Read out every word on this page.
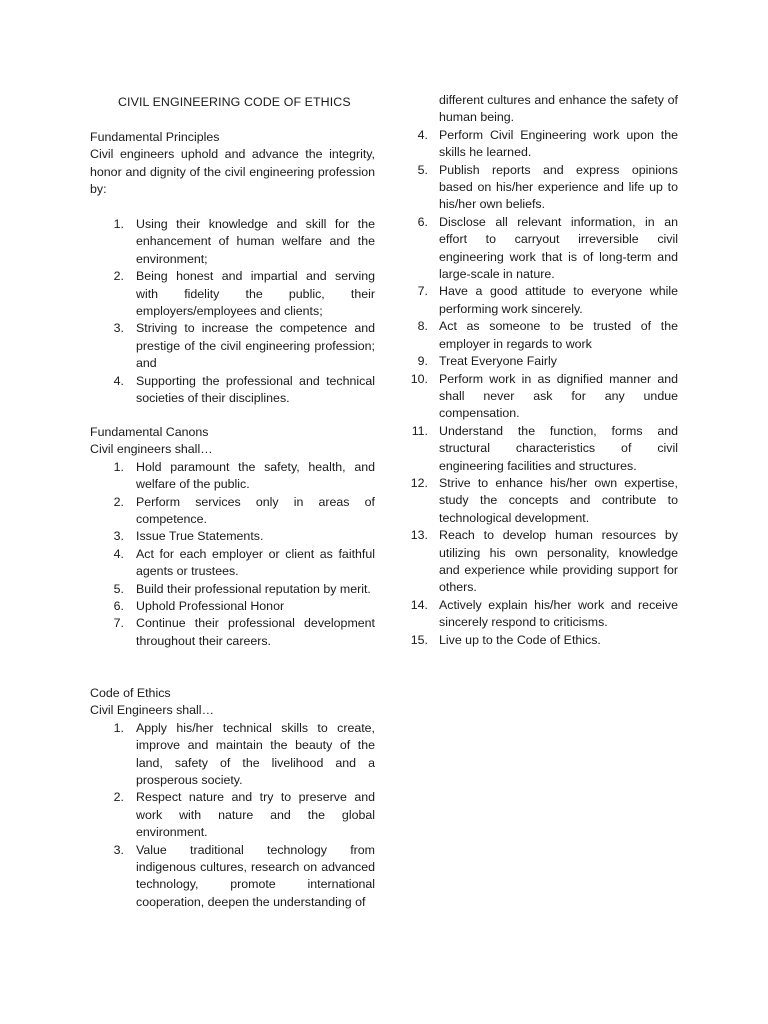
CIVIL ENGINEERING CODE OF ETHICS
Fundamental Principles

Civil engineers uphold and advance the integrity, honor and dignity of the civil engineering profession by:

1. Using their knowledge and skill for the enhancement of human welfare and the environment;
2. Being honest and impartial and serving with fidelity the public, their employers/employees and clients;
3. Striving to increase the competence and prestige of the civil engineering profession; and
4. Supporting the professional and technical societies of their disciplines.
Fundamental Canons

Civil engineers shall…

1. Hold paramount the safety, health, and welfare of the public.
2. Perform services only in areas of competence.
3. Issue True Statements.
4. Act for each employer or client as faithful agents or trustees.
5. Build their professional reputation by merit.
6. Uphold Professional Honor
7. Continue their professional development throughout their careers.
Code of Ethics

Civil Engineers shall…

1. Apply his/her technical skills to create, improve and maintain the beauty of the land, safety of the livelihood and a prosperous society.
2. Respect nature and try to preserve and work with nature and the global environment.
3. Value traditional technology from indigenous cultures, research on advanced technology, promote international cooperation, deepen the understanding of

different cultures and enhance the safety of human being.

4. Perform Civil Engineering work upon the skills he learned.
5. Publish reports and express opinions based on his/her experience and life up to his/her own beliefs.
6. Disclose all relevant information, in an effort to carryout irreversible civil engineering work that is of long-term and large-scale in nature.
7. Have a good attitude to everyone while performing work sincerely.
8. Act as someone to be trusted of the employer in regards to work
9. Treat Everyone Fairly
10. Perform work in as dignified manner and shall never ask for any undue compensation.
11. Understand the function, forms and structural characteristics of civil engineering facilities and structures.
12. Strive to enhance his/her own expertise, study the concepts and contribute to technological development.
13. Reach to develop human resources by utilizing his own personality, knowledge and experience while providing support for others.
14. Actively explain his/her work and receive sincerely respond to criticisms.
15. Live up to the Code of Ethics.
